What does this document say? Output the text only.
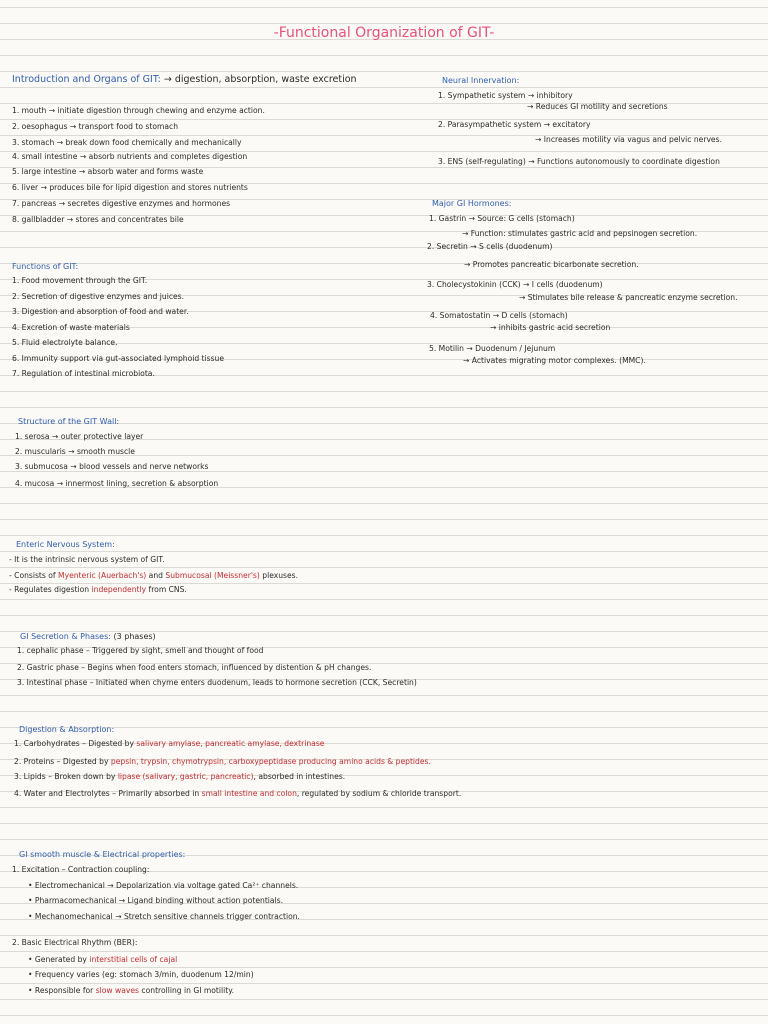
-Functional Organization of GIT-
Introduction and Organs of GIT: → digestion, absorption, waste excretion
1. mouth → initiate digestion through chewing and enzyme action.
2. oesophagus → transport food to stomach
3. stomach → break down food chemically and mechanically
4. small intestine → absorb nutrients and completes digestion
5. large intestine → absorb water and forms waste
6. liver → produces bile for lipid digestion and stores nutrients
7. pancreas → secretes digestive enzymes and hormones
8. gallbladder → stores and concentrates bile
Functions of GIT:
1. Food movement through the GIT.
2. Secretion of digestive enzymes and juices.
3. Digestion and absorption of food and water.
4. Excretion of waste materials
5. Fluid electrolyte balance.
6. Immunity support via gut-associated lymphoid tissue
7. Regulation of intestinal microbiota.
Structure of the GIT Wall:
1. serosa → outer protective layer
2. muscularis → smooth muscle
3. submucosa → blood vessels and nerve networks
4. mucosa → innermost lining, secretion & absorption
Enteric Nervous System:
- It is the intrinsic nervous system of GIT.
- Consists of Myenteric (Auerbach's) and Submucosal (Meissner's) plexuses.
- Regulates digestion independently from CNS.
GI Secretion & Phases: (3 phases)
1. cephalic phase – Triggered by sight, smell and thought of food
2. Gastric phase – Begins when food enters stomach, influenced by distention & pH changes.
3. Intestinal phase – Initiated when chyme enters duodenum, leads to hormone secretion (CCK, Secretin)
Digestion & Absorption:
1. Carbohydrates – Digested by salivary amylase, pancreatic amylase, dextrinase
2. Proteins – Digested by pepsin, trypsin, chymotrypsin, carboxypeptidase producing amino acids & peptides.
3. Lipids – Broken down by lipase (salivary, gastric, pancreatic), absorbed in intestines.
4. Water and Electrolytes – Primarily absorbed in small intestine and colon, regulated by sodium & chloride transport.
GI smooth muscle & Electrical properties:
1. Excitation – Contraction coupling:
• Electromechanical → Depolarization via voltage gated Ca²⁺ channels.
• Pharmacomechanical → Ligand binding without action potentials.
• Mechanomechanical → Stretch sensitive channels trigger contraction.
2. Basic Electrical Rhythm (BER):
• Generated by interstitial cells of cajal
• Frequency varies (eg: stomach 3/min, duodenum 12/min)
• Responsible for slow waves controlling in GI motility.
Neural Innervation:
1. Sympathetic system → inhibitory
→ Reduces GI motility and secretions
2. Parasympathetic system → excitatory
→ Increases motility via vagus and pelvic nerves.
3. ENS (self-regulating) → Functions autonomously to coordinate digestion
Major GI Hormones:
1. Gastrin → Source: G cells (stomach)
→ Function: stimulates gastric acid and pepsinogen secretion.
2. Secretin → S cells (duodenum)
→ Promotes pancreatic bicarbonate secretion.
3. Cholecystokinin (CCK) → I cells (duodenum)
→ Stimulates bile release & pancreatic enzyme secretion.
4. Somatostatin → D cells (stomach)
→ inhibits gastric acid secretion
5. Motilin → Duodenum / Jejunum
→ Activates migrating motor complexes. (MMC).
